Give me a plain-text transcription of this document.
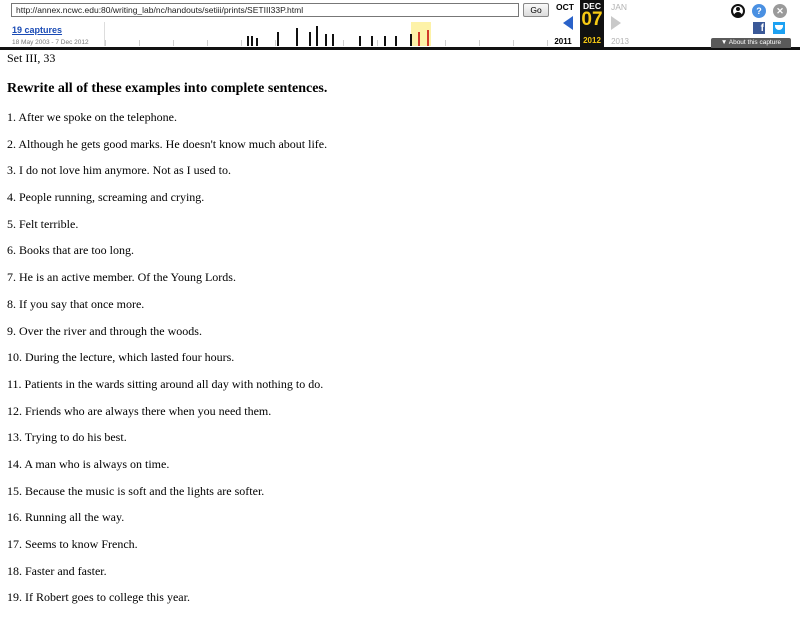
http://annex.ncwc.edu:80/writing_lab/nc/handouts/setiii/prints/SETIII33P.html
Go
19 captures
18 May 2003 - 7 Dec 2012
OCT
2011
DEC
07
2012
JAN
2013
?	✕
f
▼ About this capture
Set III, 33
Rewrite all of these examples into complete sentences.
1. After we spoke on the telephone.
2. Although he gets good marks. He doesn't know much about life.
3. I do not love him anymore. Not as I used to.
4. People running, screaming and crying.
5. Felt terrible.
6. Books that are too long.
7. He is an active member. Of the Young Lords.
8. If you say that once more.
9. Over the river and through the woods.
10. During the lecture, which lasted four hours.
11. Patients in the wards sitting around all day with nothing to do.
12. Friends who are always there when you need them.
13. Trying to do his best.
14. A man who is always on time.
15. Because the music is soft and the lights are softer.
16. Running all the way.
17. Seems to know French.
18. Faster and faster.
19. If Robert goes to college this year.
